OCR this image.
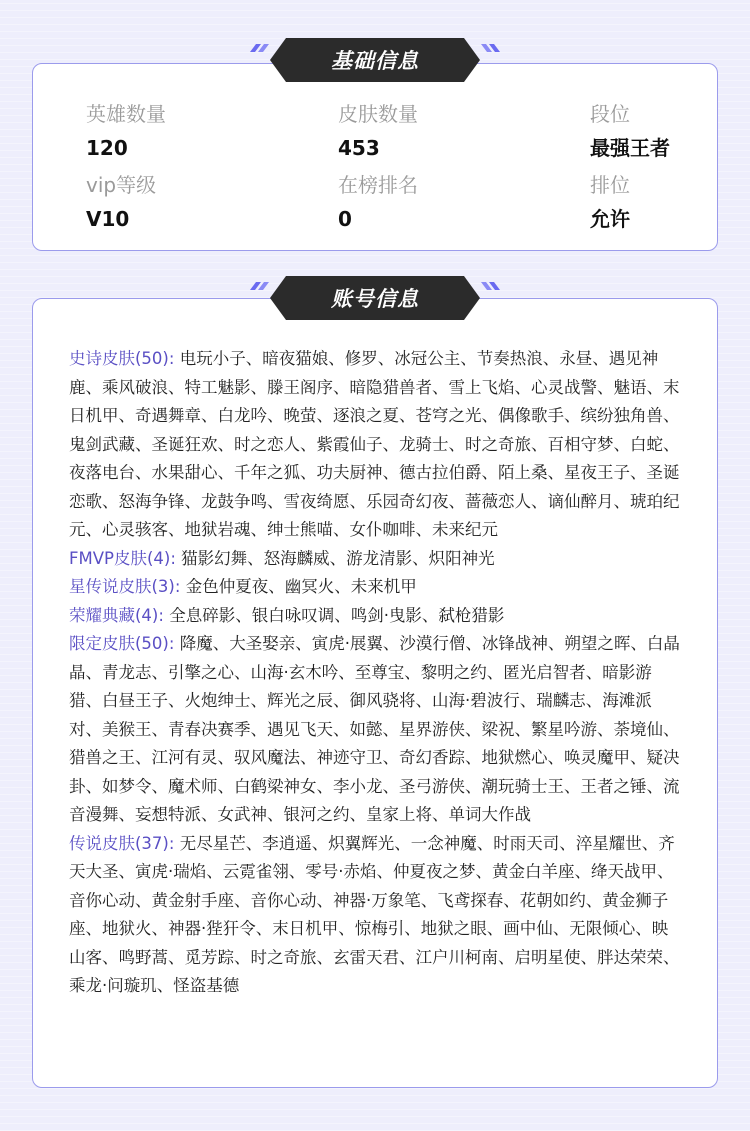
英雄数量
120
皮肤数量
453
段位
最强王者
vip等级
V10
在榜排名
0
排位
允许
基础信息
史诗皮肤(50): 电玩小子、暗夜猫娘、修罗、冰冠公主、节奏热浪、永昼、遇见神鹿、乘风破浪、特工魅影、滕王阁序、暗隐猎兽者、雪上飞焰、心灵战警、魅语、末日机甲、奇遇舞章、白龙吟、晚萤、逐浪之夏、苍穹之光、偶像歌手、缤纷独角兽、鬼剑武藏、圣诞狂欢、时之恋人、紫霞仙子、龙骑士、时之奇旅、百相守梦、白蛇、夜落电台、水果甜心、千年之狐、功夫厨神、德古拉伯爵、陌上桑、星夜王子、圣诞恋歌、怒海争锋、龙鼓争鸣、雪夜绮愿、乐园奇幻夜、蔷薇恋人、谪仙醉月、琥珀纪元、心灵骇客、地狱岩魂、绅士熊喵、女仆咖啡、未来纪元
FMVP皮肤(4): 猫影幻舞、怒海麟威、游龙清影、炽阳神光
星传说皮肤(3): 金色仲夏夜、幽冥火、未来机甲
荣耀典藏(4): 全息碎影、银白咏叹调、鸣剑·曳影、弑枪猎影
限定皮肤(50): 降魔、大圣娶亲、寅虎·展翼、沙漠行僧、冰锋战神、朔望之晖、白晶晶、青龙志、引擎之心、山海·玄木吟、至尊宝、黎明之约、匿光启智者、暗影游猎、白昼王子、火炮绅士、辉光之辰、御风骁将、山海·碧波行、瑞麟志、海滩派对、美猴王、青春决赛季、遇见飞天、如懿、星界游侠、梁祝、繁星吟游、荼境仙、猎兽之王、江河有灵、驭风魔法、神迹守卫、奇幻香踪、地狱燃心、唤灵魔甲、疑决卦、如梦令、魔术师、白鹤梁神女、李小龙、圣弓游侠、潮玩骑士王、王者之锤、流音漫舞、妄想特派、女武神、银河之约、皇家上将、单词大作战
传说皮肤(37): 无尽星芒、李逍遥、炽翼辉光、一念神魔、时雨天司、淬星耀世、齐天大圣、寅虎·瑞焰、云霓雀翎、零号·赤焰、仲夏夜之梦、黄金白羊座、绛天战甲、音你心动、黄金射手座、音你心动、神器·万象笔、飞鸢探春、花朝如约、黄金狮子座、地狱火、神器·狴犴令、末日机甲、惊梅引、地狱之眼、画中仙、无限倾心、映山客、鸣野蒿、觅芳踪、时之奇旅、玄雷天君、江户川柯南、启明星使、胖达荣荣、乘龙·问璇玑、怪盗基德
账号信息
